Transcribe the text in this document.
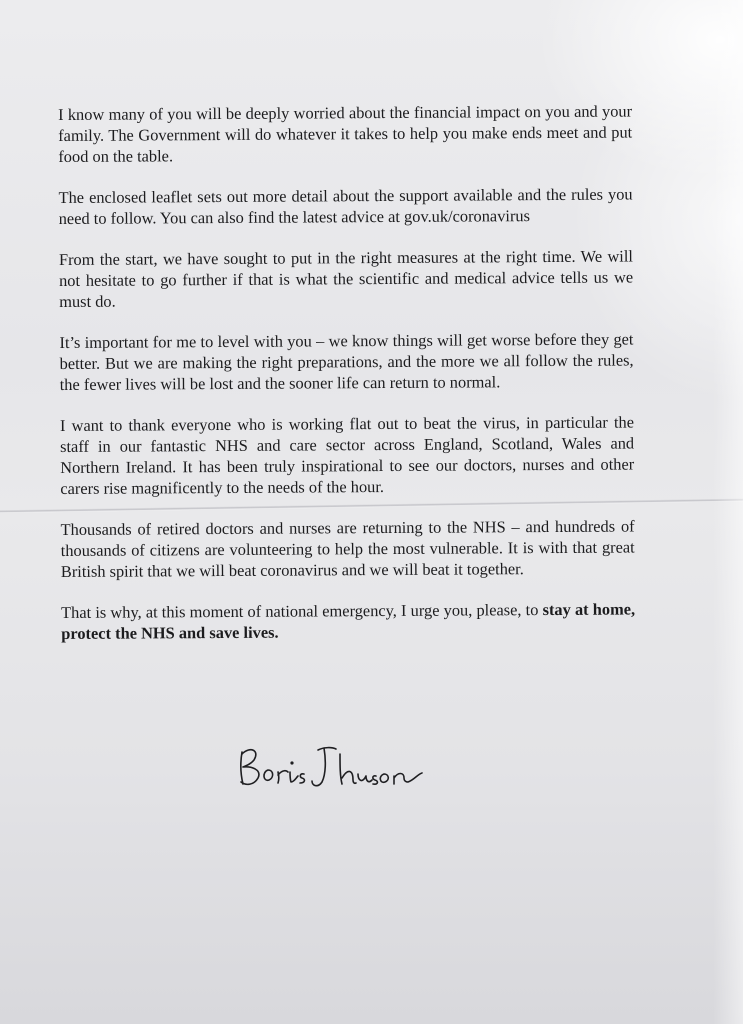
I know many of you will be deeply worried about the financial impact on you and your family. The Government will do whatever it takes to help you make ends meet and put food on the table.

The enclosed leaflet sets out more detail about the support available and the rules you need to follow. You can also find the latest advice at gov.uk/coronavirus

From the start, we have sought to put in the right measures at the right time. We will not hesitate to go further if that is what the scientific and medical advice tells us we must do.

It’s important for me to level with you – we know things will get worse before they get better. But we are making the right preparations, and the more we all follow the rules, the fewer lives will be lost and the sooner life can return to normal.

I want to thank everyone who is working flat out to beat the virus, in particular the staff in our fantastic NHS and care sector across England, Scotland, Wales and Northern Ireland. It has been truly inspirational to see our doctors, nurses and other carers rise magnificently to the needs of the hour.

Thousands of retired doctors and nurses are returning to the NHS – and hundreds of thousands of citizens are volunteering to help the most vulnerable. It is with that great British spirit that we will beat coronavirus and we will beat it together.

That is why, at this moment of national emergency, I urge you, please, to stay at home, protect the NHS and save lives.
